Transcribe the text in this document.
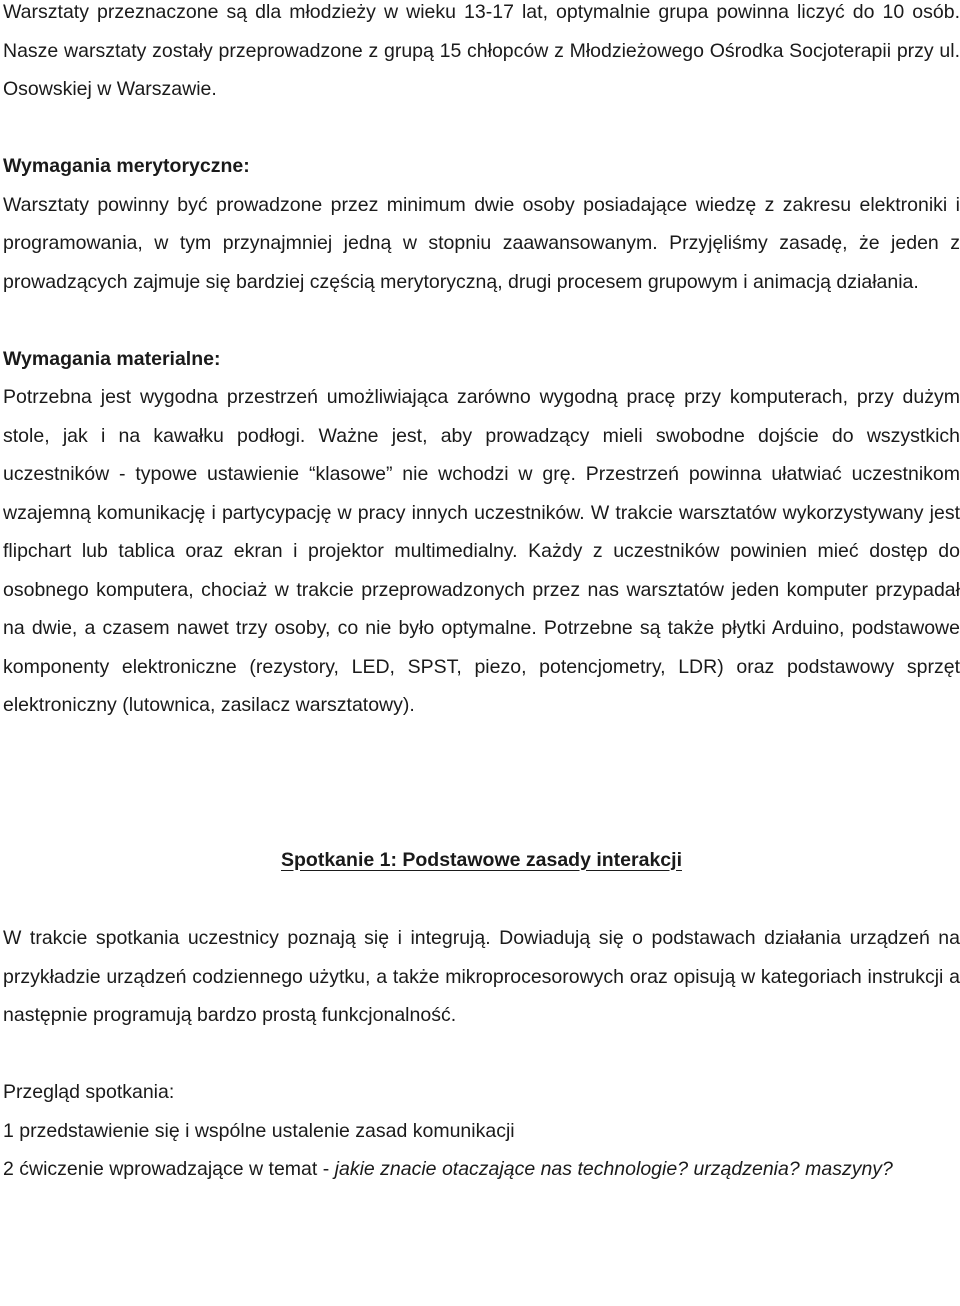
Warsztaty przeznaczone są dla młodzieży w wieku 13-17 lat, optymalnie grupa powinna liczyć do 10 osób. Nasze warsztaty zostały przeprowadzone z grupą 15 chłopców z Młodzieżowego Ośrodka Socjoterapii przy ul. Osowskiej w Warszawie.

Wymagania merytoryczne:

Warsztaty powinny być prowadzone przez minimum dwie osoby posiadające wiedzę z zakresu elektroniki i programowania, w tym przynajmniej jedną w stopniu zaawansowanym. Przyjęliśmy zasadę, że jeden z prowadzących zajmuje się bardziej częścią merytoryczną, drugi procesem grupowym i animacją działania.

Wymagania materialne:

Potrzebna jest wygodna przestrzeń umożliwiająca zarówno wygodną pracę przy komputerach, przy dużym stole, jak i na kawałku podłogi. Ważne jest, aby prowadzący mieli swobodne dojście do wszystkich uczestników - typowe ustawienie “klasowe” nie wchodzi w grę. Przestrzeń powinna ułatwiać uczestnikom wzajemną komunikację i partycypację w pracy innych uczestników. W trakcie warsztatów wykorzystywany jest flipchart lub tablica oraz ekran i projektor multimedialny. Każdy z uczestników powinien mieć dostęp do osobnego komputera, chociaż w trakcie przeprowadzonych przez nas warsztatów jeden komputer przypadał na dwie, a czasem nawet trzy osoby, co nie było optymalne. Potrzebne są także płytki Arduino, podstawowe komponenty elektroniczne (rezystory, LED, SPST, piezo, potencjometry, LDR) oraz podstawowy sprzęt elektroniczny (lutownica, zasilacz warsztatowy).

Spotkanie 1: Podstawowe zasady interakcji

W trakcie spotkania uczestnicy poznają się i integrują. Dowiadują się o podstawach działania urządzeń na przykładzie urządzeń codziennego użytku, a także mikroprocesorowych oraz opisują w kategoriach instrukcji a następnie programują bardzo prostą funkcjonalność.

Przegląd spotkania:

1 przedstawienie się i wspólne ustalenie zasad komunikacji

2 ćwiczenie wprowadzające w temat - jakie znacie otaczające nas technologie? urządzenia? maszyny?
